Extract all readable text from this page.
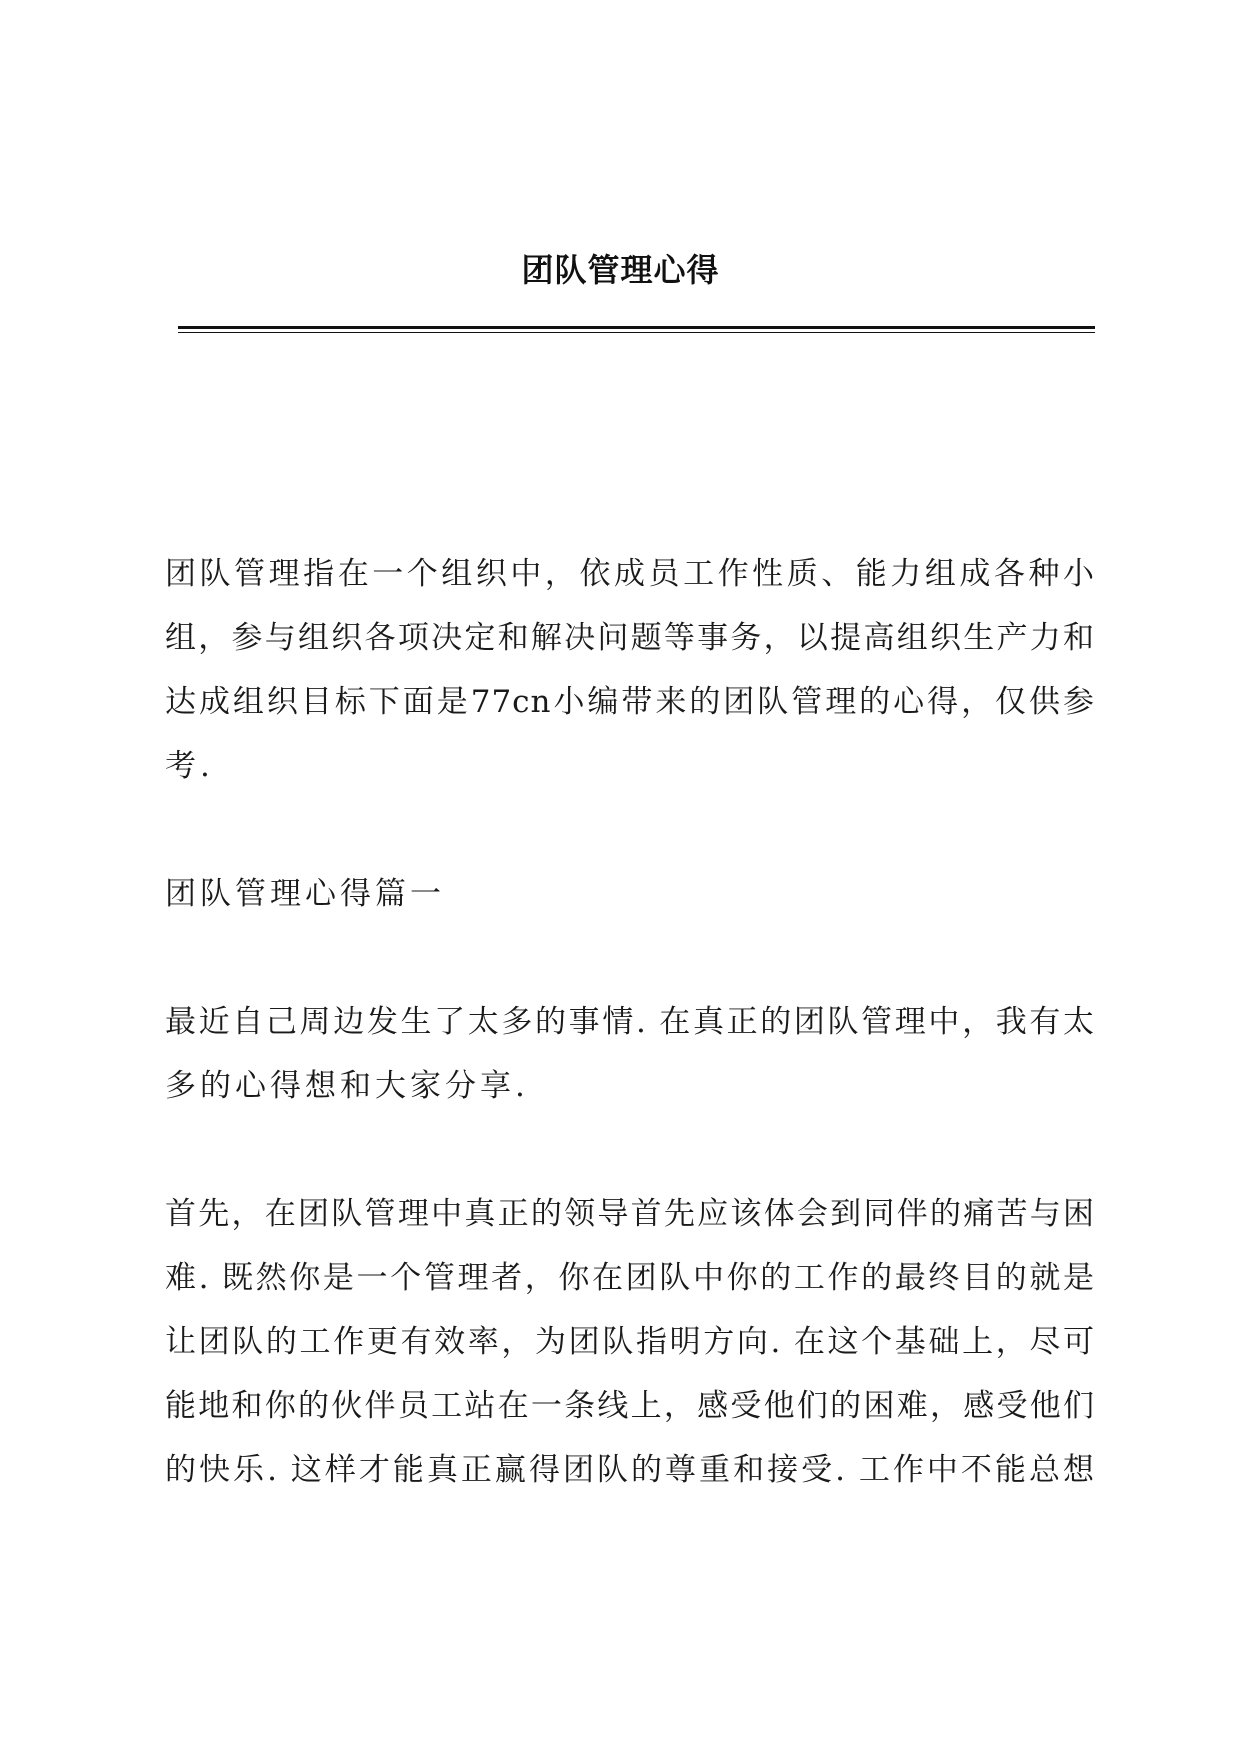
团队管理心得
团队管理指在一个组织中，依成员工作性质、能力组成各种小
组，参与组织各项决定和解决问题等事务，以提高组织生产力和
达成组织目标下面是77cn小编带来的团队管理的心得，仅供参
考.
团队管理心得篇一
最近自己周边发生了太多的事情. 在真正的团队管理中，我有太
多的心得想和大家分享.
首先，在团队管理中真正的领导首先应该体会到同伴的痛苦与困
难. 既然你是一个管理者，你在团队中你的工作的最终目的就是
让团队的工作更有效率，为团队指明方向. 在这个基础上，尽可
能地和你的伙伴员工站在一条线上，感受他们的困难，感受他们
的快乐. 这样才能真正赢得团队的尊重和接受. 工作中不能总想
